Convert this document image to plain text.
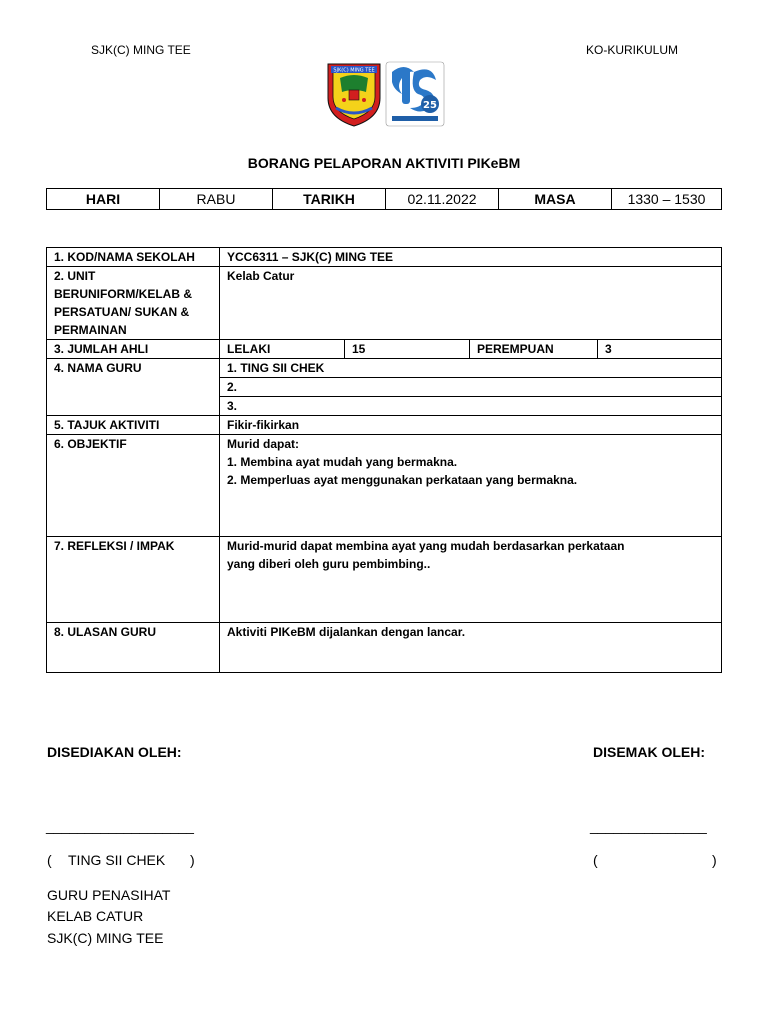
SJK(C) MING TEE	KO-KURIKULUM
SJK(C) MING TEE
25
BORANG PELAPORAN AKTIVITI PIKeBM
HARI	RABU	TARIKH	02.11.2022	MASA	1330 – 1530
1. KOD/NAMA SEKOLAH	YCC6311 – SJK(C) MING TEE			

2. UNIT
BERUNIFORM/KELAB &
PERSATUAN/ SUKAN &
PERMAINAN	Kelab Catur			
3. JUMLAH AHLI	LELAKI	15	PEREMPUAN	3
4. NAMA GURU	1. TING SII CHEK			
	2.			
	3.			
5. TAJUK AKTIVITI	Fikir-fikirkan			
6. OBJEKTIF	Murid dapat:
1. Membina ayat mudah yang bermakna.
2. Memperluas ayat menggunakan perkataan yang bermakna.			

7. REFLEKSI / IMPAK	Murid-murid dapat membina ayat yang mudah berdasarkan perkataan
yang diberi oleh guru pembimbing..			

8. ULASAN GURU	Aktiviti PIKeBM dijalankan dengan lancar.			
DISEDIAKAN OLEH:	DISEMAK OLEH:
___________________	_______________
( TING SII CHEK )	(	)
GURU PENASIHAT
KELAB CATUR
SJK(C) MING TEE
